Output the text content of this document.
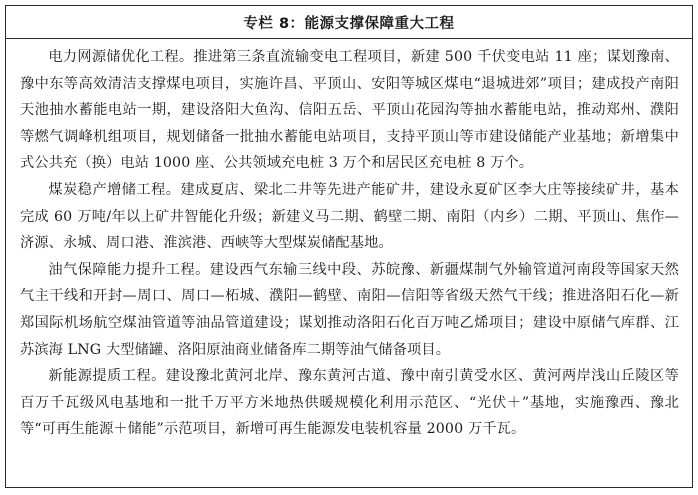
专栏 8：能源支撑保障重大工程

电力网源储优化工程。推进第三条直流输变电工程项目，新建 500 千伏变电站 11 座；谋划豫南、豫中东等高效清洁支撑煤电项目，实施许昌、平顶山、安阳等城区煤电“退城进郊”项目；建成投产南阳天池抽水蓄能电站一期，建设洛阳大鱼沟、信阳五岳、平顶山花园沟等抽水蓄能电站，推动郑州、濮阳等燃气调峰机组项目，规划储备一批抽水蓄能电站项目，支持平顶山等市建设储能产业基地；新增集中式公共充（换）电站 1000 座、公共领域充电桩 3 万个和居民区充电桩 8 万个。

煤炭稳产增储工程。建成夏店、梁北二井等先进产能矿井，建设永夏矿区李大庄等接续矿井，基本完成 60 万吨/年以上矿井智能化升级；新建义马二期、鹤壁二期、南阳（内乡）二期、平顶山、焦作—济源、永城、周口港、淮滨港、西峡等大型煤炭储配基地。

油气保障能力提升工程。建设西气东输三线中段、苏皖豫、新疆煤制气外输管道河南段等国家天然气主干线和开封—周口、周口—柘城、濮阳—鹤壁、南阳—信阳等省级天然气干线；推进洛阳石化—新郑国际机场航空煤油管道等油品管道建设；谋划推动洛阳石化百万吨乙烯项目；建设中原储气库群、江苏滨海 LNG 大型储罐、洛阳原油商业储备库二期等油气储备项目。

新能源提质工程。建设豫北黄河北岸、豫东黄河古道、豫中南引黄受水区、黄河两岸浅山丘陵区等百万千瓦级风电基地和一批千万平方米地热供暖规模化利用示范区、“光伏＋”基地，实施豫西、豫北等“可再生能源＋储能”示范项目，新增可再生能源发电装机容量 2000 万千瓦。
